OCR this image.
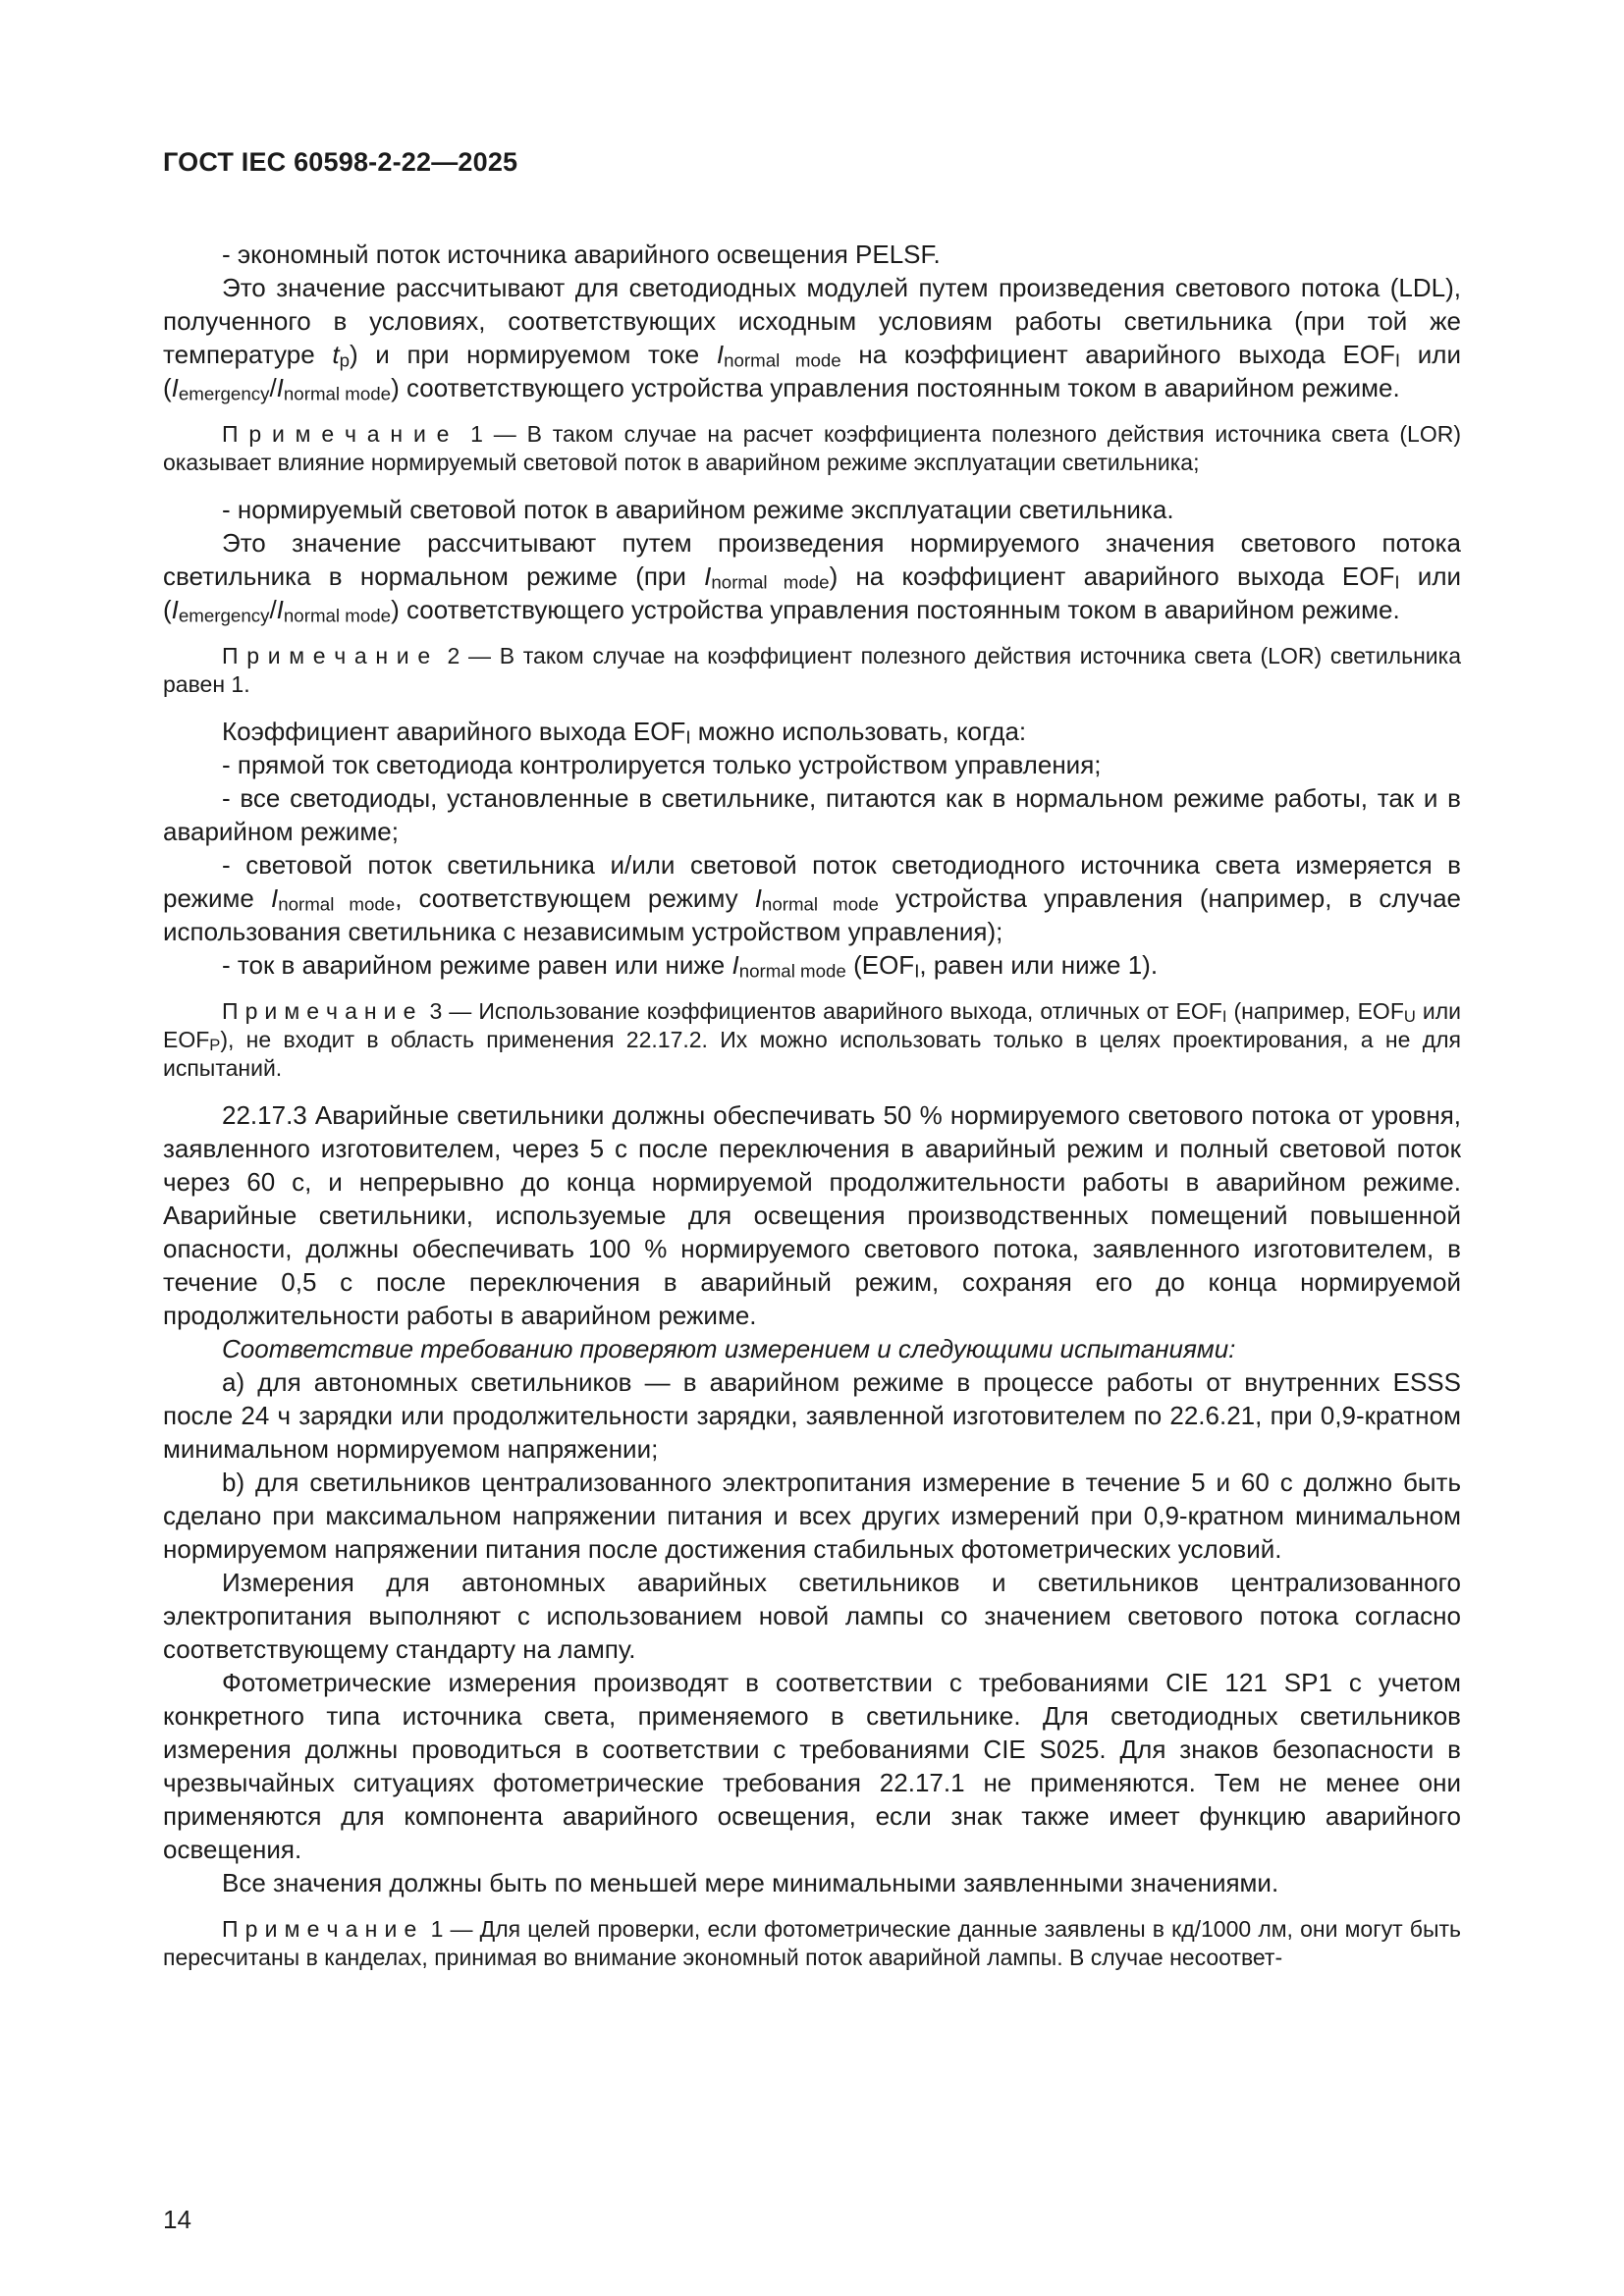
ГОСТ IEC 60598-2-22—2025

- экономный поток источника аварийного освещения PELSF.

Это значение рассчитывают для светодиодных модулей путем произведения светового потока (LDL), полученного в условиях, соответствующих исходным условиям работы светильника (при той же температуре $t_p$) и при нормируемом токе $I_{normal mode}$ на коэффициент аварийного выхода $EOF_I$ или $(I_{emergency}/I_{normal mode})$ соответствующего устройства управления постоянным током в аварийном режиме.

П р и м е ч а н и е  1 — В таком случае на расчет коэффициента полезного действия источника света (LOR) оказывает влияние нормируемый световой поток в аварийном режиме эксплуатации светильника;

- нормируемый световой поток в аварийном режиме эксплуатации светильника.

Это значение рассчитывают путем произведения нормируемого значения светового потока светильника в нормальном режиме (при $I_{normal mode}$) на коэффициент аварийного выхода $EOF_I$ или $(I_{emergency}/I_{normal mode})$ соответствующего устройства управления постоянным током в аварийном режиме.

П р и м е ч а н и е  2 — В таком случае на коэффициент полезного действия источника света (LOR) светильника равен 1.

Коэффициент аварийного выхода $EOF_I$ можно использовать, когда:

- прямой ток светодиода контролируется только устройством управления;

- все светодиоды, установленные в светильнике, питаются как в нормальном режиме работы, так и в аварийном режиме;

- световой поток светильника и/или световой поток светодиодного источника света измеряется в режиме $I_{normal mode}$, соответствующем режиму $I_{normal mode}$ устройства управления (например, в случае использования светильника с независимым устройством управления);

- ток в аварийном режиме равен или ниже $I_{normal mode}$ ($EOF_I$, равен или ниже 1).

П р и м е ч а н и е  3 — Использование коэффициентов аварийного выхода, отличных от $EOF_I$ (например, $EOF_U$ или $EOF_P$), не входит в область применения 22.17.2. Их можно использовать только в целях проектирования, а не для испытаний.

22.17.3 Аварийные светильники должны обеспечивать 50 % нормируемого светового потока от уровня, заявленного изготовителем, через 5 с после переключения в аварийный режим и полный световой поток через 60 с, и непрерывно до конца нормируемой продолжительности работы в аварийном режиме. Аварийные светильники, используемые для освещения производственных помещений повышенной опасности, должны обеспечивать 100 % нормируемого светового потока, заявленного изготовителем, в течение 0,5 с после переключения в аварийный режим, сохраняя его до конца нормируемой продолжительности работы в аварийном режиме.

Соответствие требованию проверяют измерением и следующими испытаниями:

a) для автономных светильников — в аварийном режиме в процессе работы от внутренних ESSS после 24 ч зарядки или продолжительности зарядки, заявленной изготовителем по 22.6.21, при 0,9-кратном минимальном нормируемом напряжении;

b) для светильников централизованного электропитания измерение в течение 5 и 60 с должно быть сделано при максимальном напряжении питания и всех других измерений при 0,9-кратном минимальном нормируемом напряжении питания после достижения стабильных фотометрических условий.

Измерения для автономных аварийных светильников и светильников централизованного электропитания выполняют с использованием новой лампы со значением светового потока согласно соответствующему стандарту на лампу.

Фотометрические измерения производят в соответствии с требованиями CIE 121 SP1 с учетом конкретного типа источника света, применяемого в светильнике. Для светодиодных светильников измерения должны проводиться в соответствии с требованиями CIE S025. Для знаков безопасности в чрезвычайных ситуациях фотометрические требования 22.17.1 не применяются. Тем не менее они применяются для компонента аварийного освещения, если знак также имеет функцию аварийного освещения.

Все значения должны быть по меньшей мере минимальными заявленными значениями.

П р и м е ч а н и е  1 — Для целей проверки, если фотометрические данные заявлены в кд/1000 лм, они могут быть пересчитаны в канделах, принимая во внимание экономный поток аварийной лампы. В случае несоответ-

14
